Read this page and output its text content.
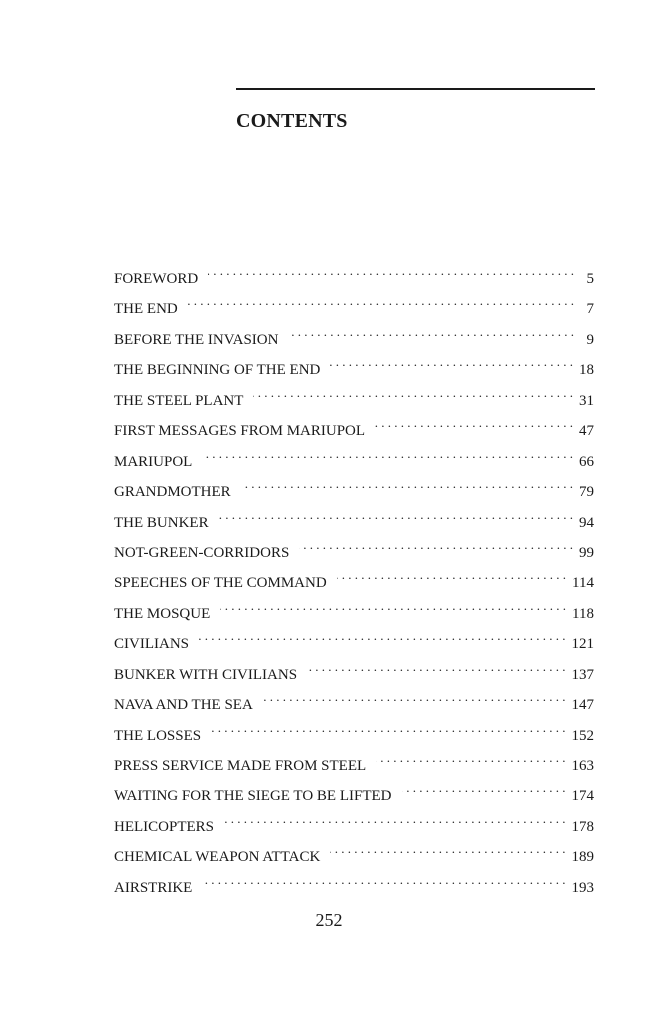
CONTENTS
FOREWORD . . .	5
THE END . . .	7
BEFORE THE INVASION . . .	9
THE BEGINNING OF THE END . . .	18
THE STEEL PLANT . . .	31
FIRST MESSAGES FROM MARIUPOL . . .	47
MARIUPOL . . .	66
GRANDMOTHER . . .	79
THE BUNKER . . .	94
NOT-GREEN-CORRIDORS . . .	99
SPEECHES OF THE COMMAND . . .	114
THE MOSQUE . . .	118
CIVILIANS . . .	121
BUNKER WITH CIVILIANS . . .	137
NAVA AND THE SEA . . .	147
THE LOSSES . . .	152
PRESS SERVICE MADE FROM STEEL . . .	163
WAITING FOR THE SIEGE TO BE LIFTED . . .	174
HELICOPTERS . . .	178
CHEMICAL WEAPON ATTACK . . .	189
AIRSTRIKE . . .	193

252
